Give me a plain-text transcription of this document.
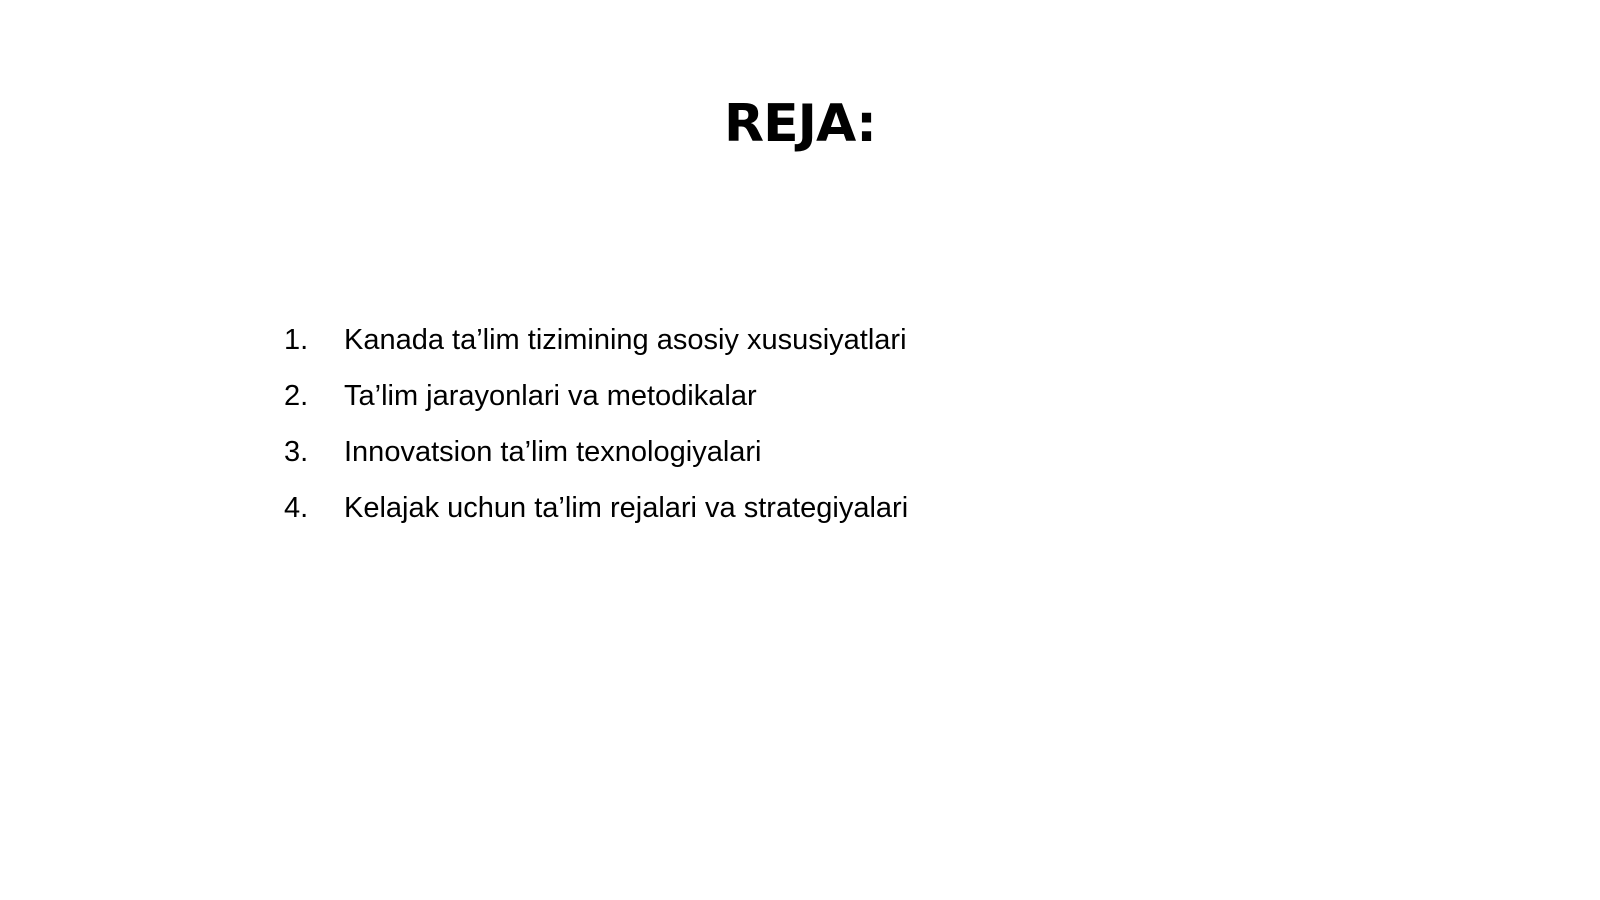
REJA:
1.	Kanada ta’lim tizimining asosiy xususiyatlari
2.	Ta’lim jarayonlari va metodikalar
3.	Innovatsion ta’lim texnologiyalari
4.	Kelajak uchun ta’lim rejalari va strategiyalari
